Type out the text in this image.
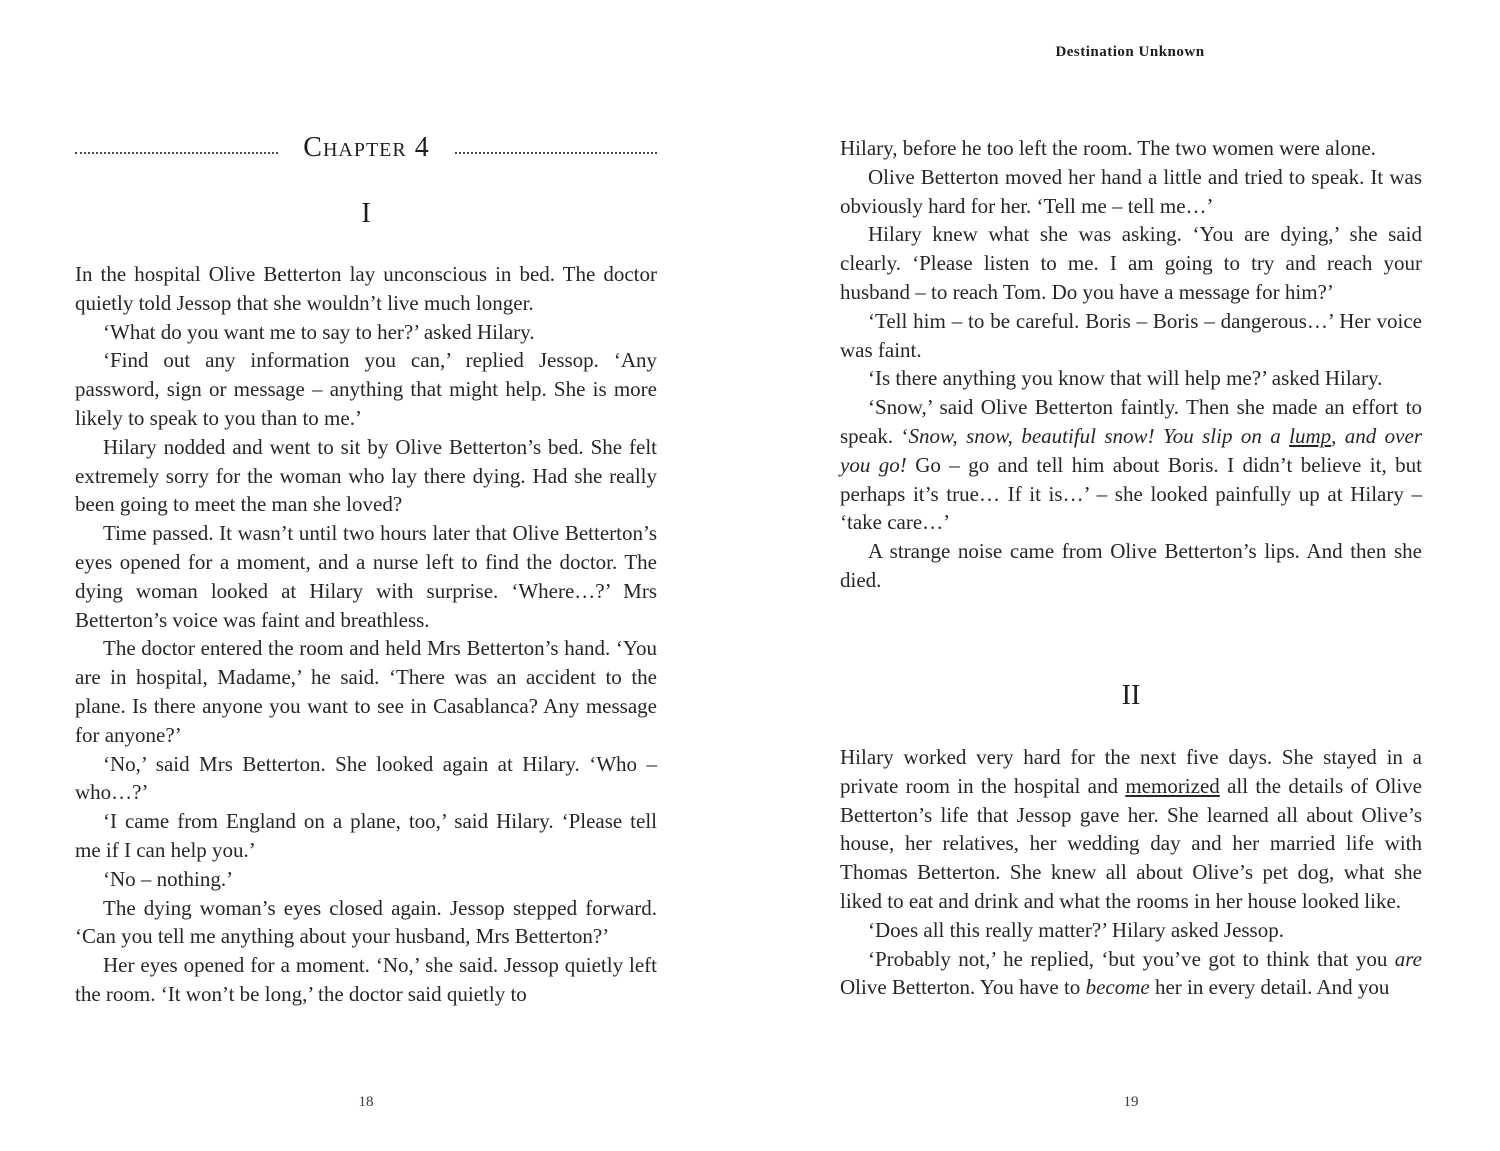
Chapter 4
I

In the hospital Olive Betterton lay unconscious in bed. The doctor quietly told Jessop that she wouldn’t live much longer.

‘What do you want me to say to her?’ asked Hilary.

‘Find out any information you can,’ replied Jessop. ‘Any password, sign or message – anything that might help. She is more likely to speak to you than to me.’

Hilary nodded and went to sit by Olive Betterton’s bed. She felt extremely sorry for the woman who lay there dying. Had she really been going to meet the man she loved?

Time passed. It wasn’t until two hours later that Olive Betterton’s eyes opened for a moment, and a nurse left to find the doctor. The dying woman looked at Hilary with surprise. ‘Where…?’ Mrs Betterton’s voice was faint and breathless.

The doctor entered the room and held Mrs Betterton’s hand. ‘You are in hospital, Madame,’ he said. ‘There was an accident to the plane. Is there anyone you want to see in Casablanca? Any message for anyone?’

‘No,’ said Mrs Betterton. She looked again at Hilary. ‘Who – who…?’

‘I came from England on a plane, too,’ said Hilary. ‘Please tell me if I can help you.’

‘No – nothing.’

The dying woman’s eyes closed again. Jessop stepped forward. ‘Can you tell me anything about your husband, Mrs Betterton?’

Her eyes opened for a moment. ‘No,’ she said. Jessop quietly left the room. ‘It won’t be long,’ the doctor said quietly to

18
Destination Unknown

Hilary, before he too left the room. The two women were alone.

Olive Betterton moved her hand a little and tried to speak. It was obviously hard for her. ‘Tell me – tell me…’

Hilary knew what she was asking. ‘You are dying,’ she said clearly. ‘Please listen to me. I am going to try and reach your husband – to reach Tom. Do you have a message for him?’

‘Tell him – to be careful. Boris – Boris – dangerous…’ Her voice was faint.

‘Is there anything you know that will help me?’ asked Hilary.

‘Snow,’ said Olive Betterton faintly. Then she made an effort to speak. ‘Snow, snow, beautiful snow! You slip on a lump, and over you go! Go – go and tell him about Boris. I didn’t believe it, but perhaps it’s true… If it is…’ – she looked painfully up at Hilary – ‘take care…’

A strange noise came from Olive Betterton’s lips. And then she died.

II

Hilary worked very hard for the next five days. She stayed in a private room in the hospital and memorized all the details of Olive Betterton’s life that Jessop gave her. She learned all about Olive’s house, her relatives, her wedding day and her married life with Thomas Betterton. She knew all about Olive’s pet dog, what she liked to eat and drink and what the rooms in her house looked like.

‘Does all this really matter?’ Hilary asked Jessop.

‘Probably not,’ he replied, ‘but you’ve got to think that you are Olive Betterton. You have to become her in every detail. And you

19
